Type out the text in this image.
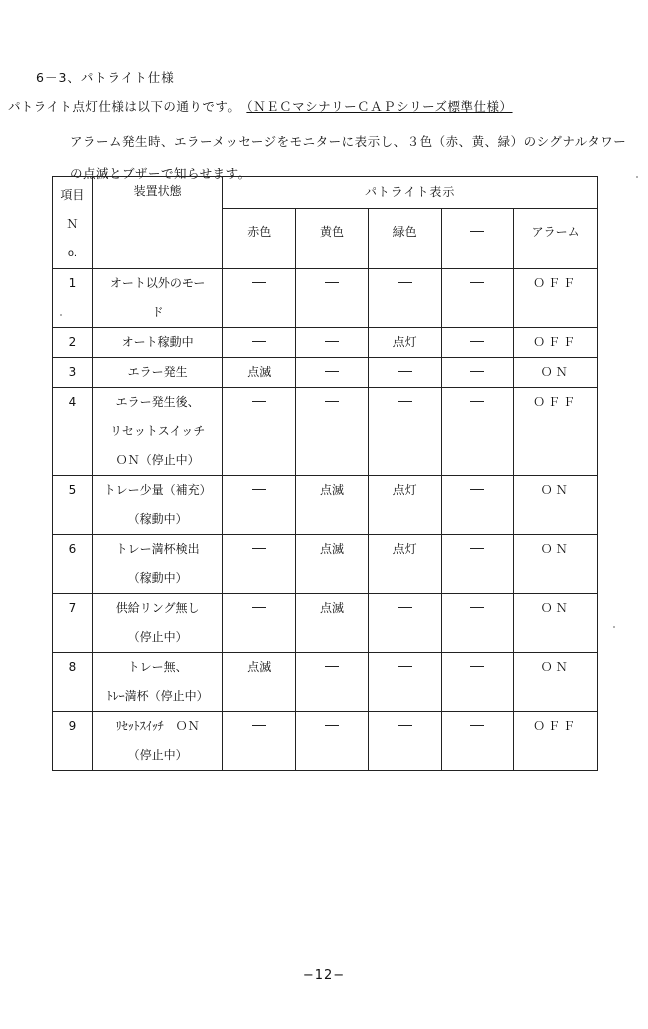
6－3、パトライト仕様
パトライト点灯仕様は以下の通りです。 （ＮＥＣマシナリーＣＡＰシリーズ標準仕様）
アラーム発生時、エラーメッセージをモニターに表示し、３色（赤、黄、緑）のシグナルタワー
の点滅とブザーで知らせます。
項目
Ｎ
o.	装置状態	パトライト表示				
		赤色	黄色	緑色		アラーム
1	オート以外のモー
ド					ＯＦＦ
2	オート稼動中			点灯		ＯＦＦ
3	エラー発生	点滅				ＯＮ
4	エラー発生後、
リセットスイッチ
ＯＮ（停止中）					ＯＦＦ
5	トレー少量（補充）
（稼動中）		点滅	点灯		ＯＮ
6	トレー満杯検出
（稼動中）		点滅	点灯		ＯＮ
7	供給リング無し
（停止中）		点滅			ＯＮ
8	トレー無、
ﾄﾚｰ満杯（停止中）	点滅				ＯＮ
9	ﾘｾｯﾄｽｲｯﾁ　ＯＮ
（停止中）					ＯＦＦ
−12−
